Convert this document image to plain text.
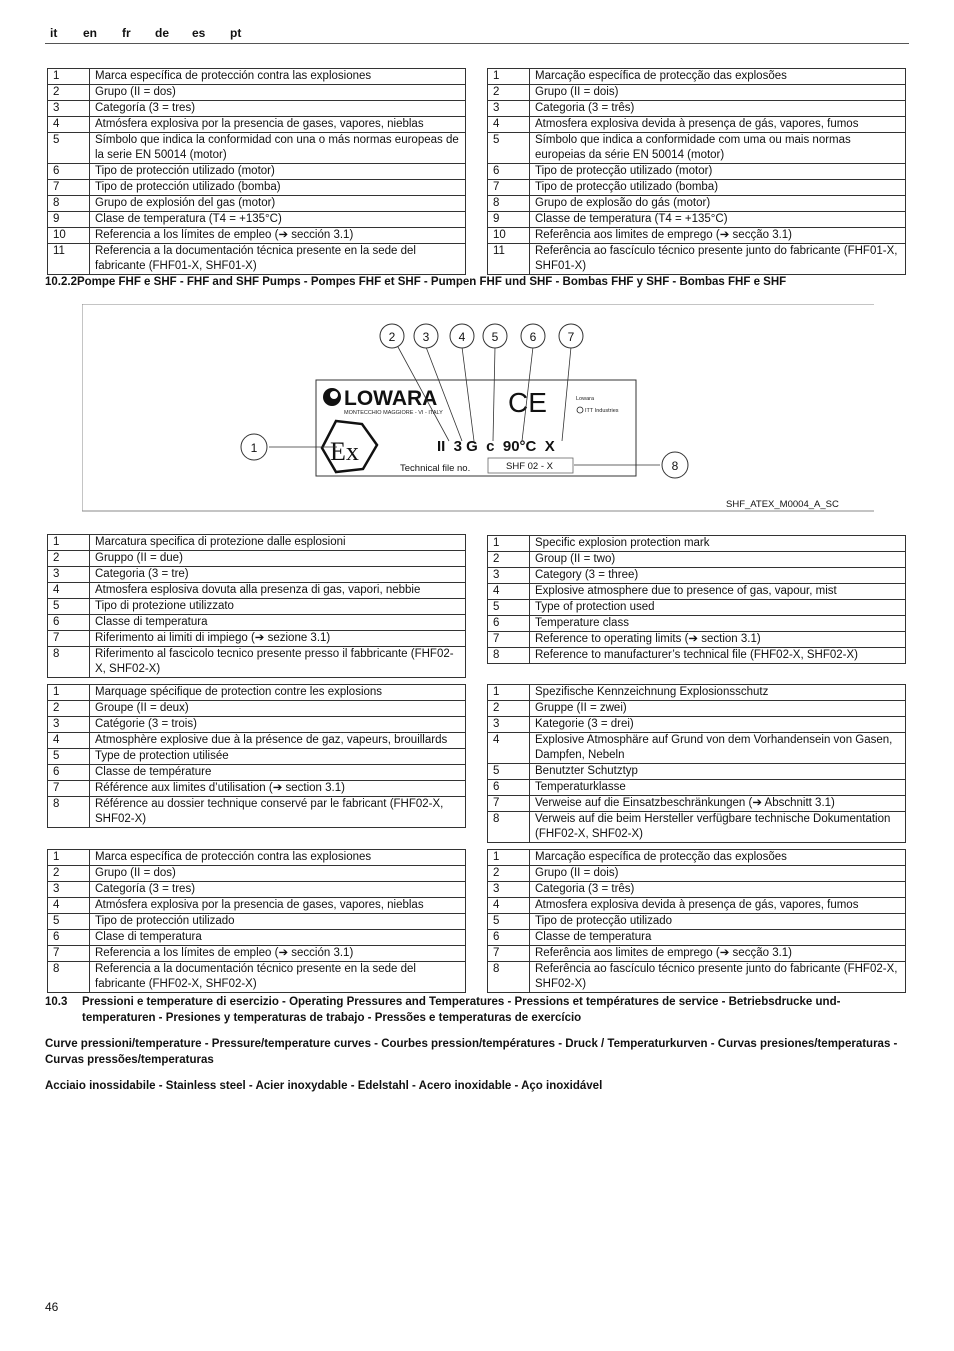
it en fr de es pt
1	Marca específica de protección contra las explosiones
2	Grupo (II = dos)
3	Categoría (3 = tres)
4	Atmósfera explosiva por la presencia de gases, vapores, nieblas
5	Símbolo que indica la conformidad con una o más normas europeas de la serie EN 50014 (motor)
6	Tipo de protección utilizado (motor)
7	Tipo de protección utilizado (bomba)
8	Grupo de explosión del gas (motor)
9	Clase de temperatura (T4 = +135°C)
10	Referencia a los límites de empleo (➔ sección 3.1)
11	Referencia a la documentación técnica presente en la sede del fabricante (FHF01-X, SHF01-X)
1	Marcação específica de protecção das explosões
2	Grupo (II = dois)
3	Categoria (3 = três)
4	Atmosfera explosiva devida à presença de gás, vapores, fumos
5	Símbolo que indica a conformidade com uma ou mais normas europeias da série EN 50014 (motor)
6	Tipo de protecção utilizado (motor)
7	Tipo de protecção utilizado (bomba)
8	Grupo de explosão do gás (motor)
9	Classe de temperatura (T4 = +135°C)
10	Referência aos limites de emprego (➔ secção 3.1)
11	Referência ao fascículo técnico presente junto do fabricante (FHF01-X, SHF01-X)
10.2.2Pompe FHF e SHF - FHF and SHF Pumps - Pompes FHF et SHF - Pumpen FHF und SHF - Bombas FHF y SHF - Bombas FHF e SHF
LOWARA
MONTECCHIO MAGGIORE - VI - ITALY CE	Lowara
ITT Industries
Ex	II  3 G  c  90°C  X
Technical file no.	SHF 02 - X
2 3 4 5	6	7
1
8
SHF_ATEX_M0004_A_SC
1	Marcatura specifica di protezione dalle esplosioni
2	Gruppo (II = due)
3	Categoria (3 = tre)
4	Atmosfera esplosiva dovuta alla presenza di gas, vapori, nebbie
5	Tipo di protezione utilizzato
6	Classe di temperatura
7	Riferimento ai limiti di impiego (➔ sezione 3.1)
8	Riferimento al fascicolo tecnico presente presso il fabbricante (FHF02-X, SHF02-X)
1	Specific explosion protection mark
2	Group (II = two)
3	Category (3 = three)
4	Explosive atmosphere due to presence of gas, vapour, mist
5	Type of protection used
6	Temperature class
7	Reference to operating limits (➔ section 3.1)
8	Reference to manufacturer’s technical file (FHF02-X, SHF02-X)
1	Marquage spécifique de protection contre les explosions
2	Groupe (II = deux)
3	Catégorie (3 = trois)
4	Atmosphère explosive due à la présence de gaz, vapeurs, brouillards
5	Type de protection utilisée
6	Classe de température
7	Référence aux limites d’utilisation (➔ section 3.1)
8	Référence au dossier technique conservé par le fabricant (FHF02-X, SHF02-X)
1	Spezifische Kennzeichnung Explosionsschutz
2	Gruppe (II = zwei)
3	Kategorie (3 = drei)
4	Explosive Atmosphäre auf Grund von dem Vorhandensein von Gasen, Dampfen, Nebeln
5	Benutzter Schutztyp
6	Temperaturklasse
7	Verweise auf die Einsatzbeschränkungen (➔ Abschnitt 3.1)
8	Verweis auf die beim Hersteller verfügbare technische Dokumentation (FHF02-X, SHF02-X)
1	Marca específica de protección contra las explosiones
2	Grupo (II = dos)
3	Categoría (3 = tres)
4	Atmósfera explosiva por la presencia de gases, vapores, nieblas
5	Tipo de protección utilizado
6	Clase di temperatura
7	Referencia a los límites de empleo (➔ sección 3.1)
8	Referencia a la documentación técnico presente en la sede del fabricante (FHF02-X, SHF02-X)
1	Marcação específica de protecção das explosões
2	Grupo (II = dois)
3	Categoria (3 = três)
4	Atmosfera explosiva devida à presença de gás, vapores, fumos
5	Tipo de protecção utilizado
6	Classe de temperatura
7	Referência aos limites de emprego (➔ secção 3.1)
8	Referência ao fascículo técnico presente junto do fabricante (FHF02-X, SHF02-X)
10.3 Pressioni e temperature di esercizio - Operating Pressures and Temperatures - Pressions et températures de service - Betriebsdrucke und- temperaturen - Presiones y temperaturas de trabajo - Pressões e temperaturas de exercício
Curve pressioni/temperature - Pressure/temperature curves - Courbes pression/températures - Druck / Temperaturkurven - Curvas presiones/temperaturas - Curvas pressões/temperaturas
Acciaio inossidabile - Stainless steel - Acier inoxydable - Edelstahl - Acero inoxidable - Aço inoxidável
46
